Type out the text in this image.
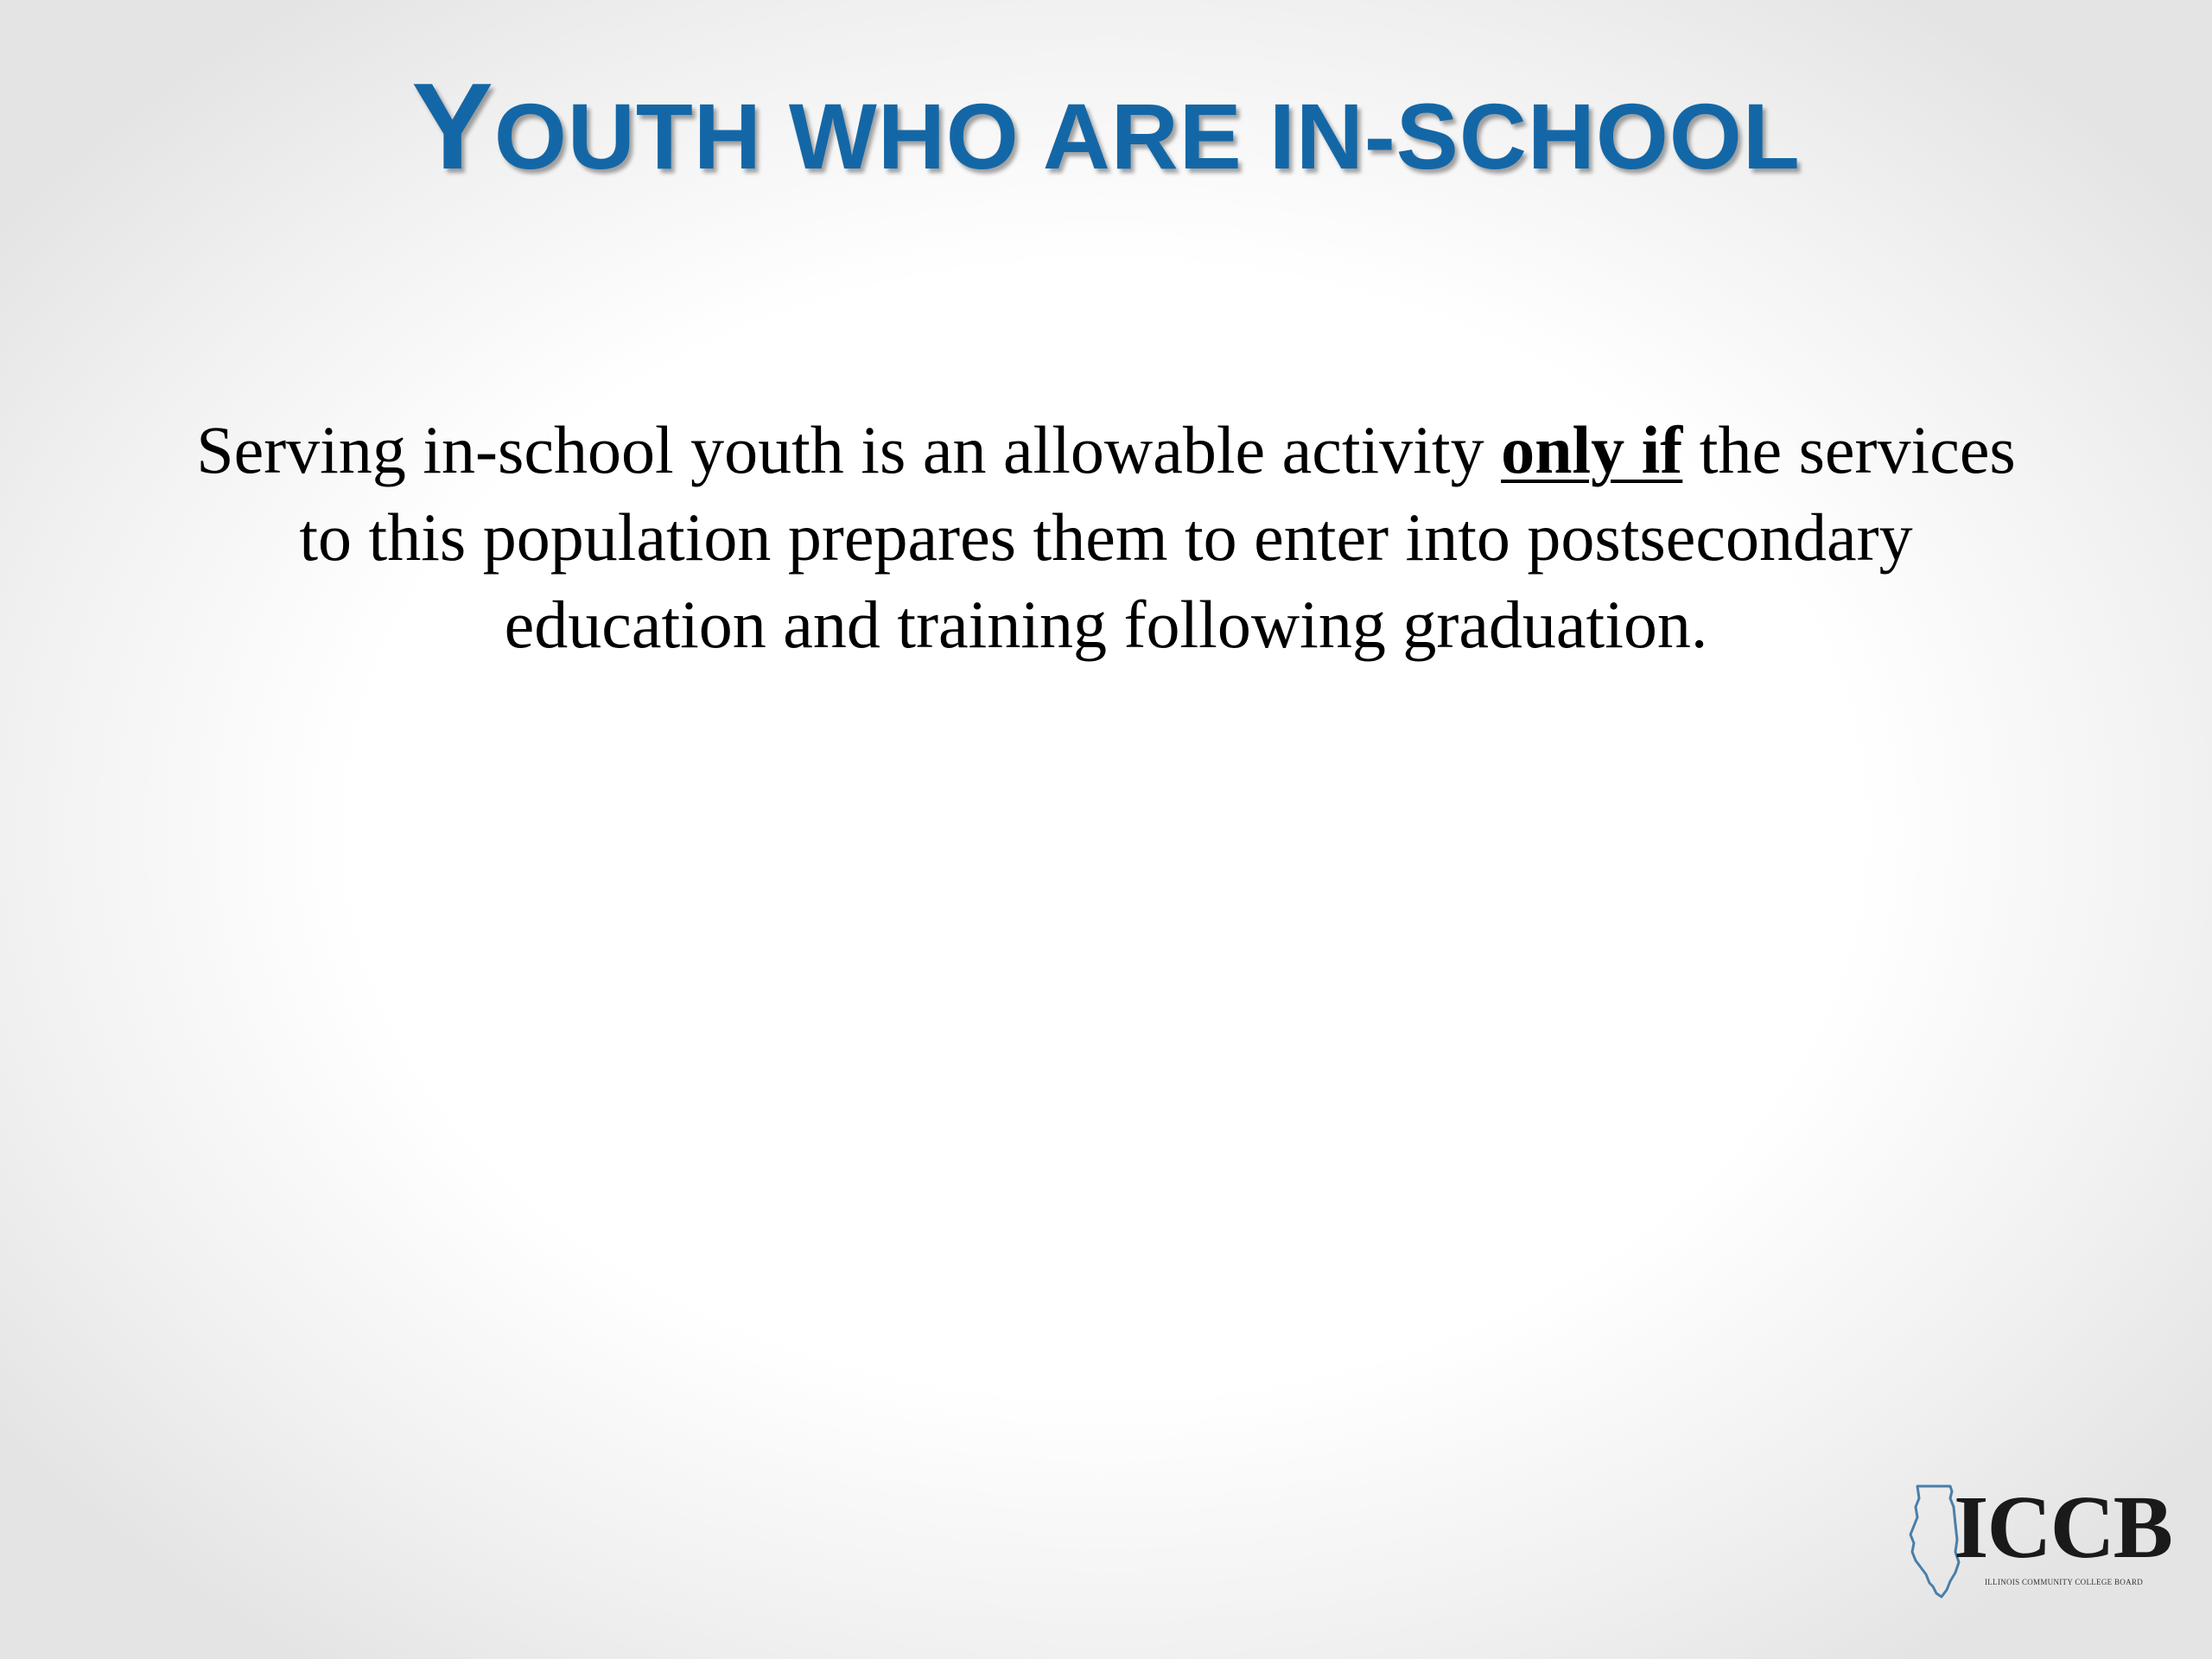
YOUTH WHO ARE IN-SCHOOL

Serving in-school youth is an allowable activity only if the services to this population prepares them to enter into postsecondary education and training following graduation.

ICCB
ILLINOIS COMMUNITY COLLEGE BOARD
